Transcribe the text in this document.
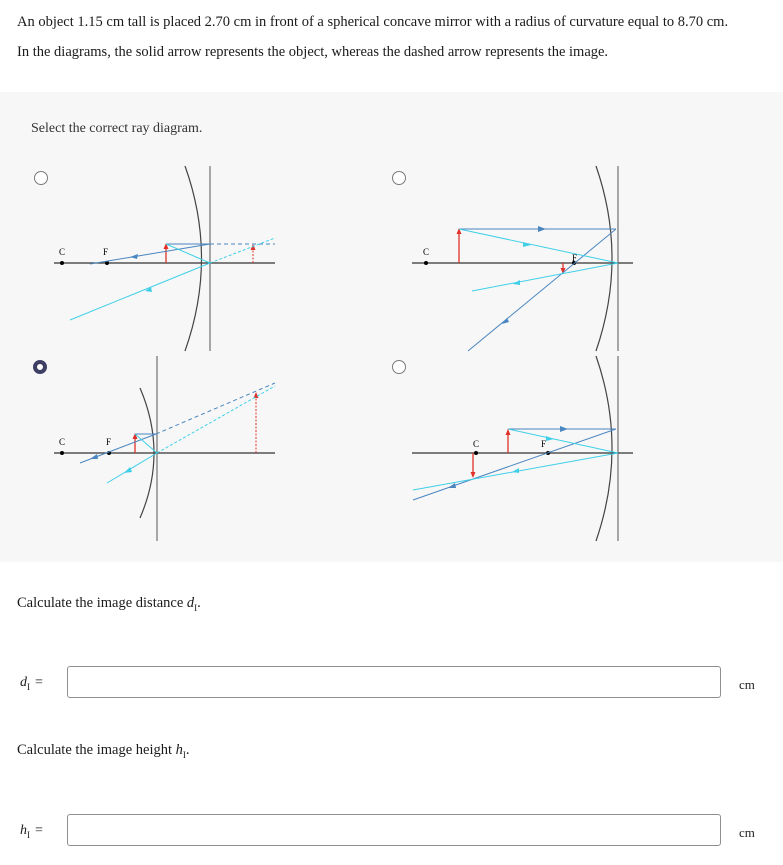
An object 1.15 cm tall is placed 2.70 cm in front of a spherical concave mirror with a radius of curvature equal to 8.70 cm.
In the diagrams, the solid arrow represents the object, whereas the dashed arrow represents the image.
Select the correct ray diagram.
C	F	C
F
C	F	C	F
Calculate the image distance $d_I$.
$d_I$ =	cm
Calculate the image height $h_I$.
$h_I$ =	cm
